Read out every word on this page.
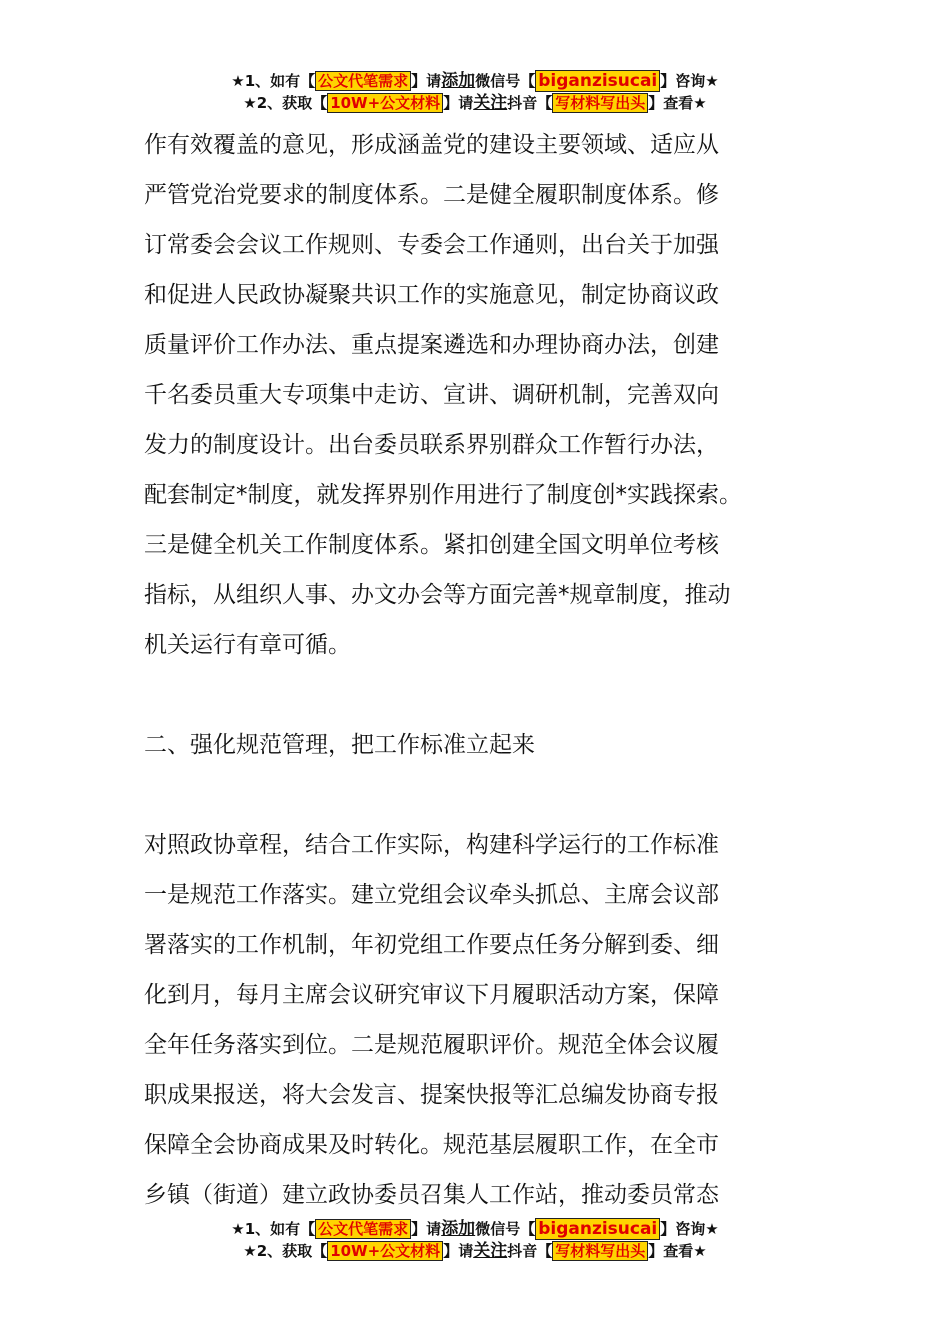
★1、如有【 公文代笔需求 】请添加微信号【 biganzisucai 】咨询★
★2、获取【 10W+公文材料 】请关注抖音【 写材料写出头 】查看★

作有效覆盖的意见，形成涵盖党的建设主要领域、适应从

严管党治党要求的制度体系。二是健全履职制度体系。修

订常委会会议工作规则、专委会工作通则，出台关于加强

和促进人民政协凝聚共识工作的实施意见，制定协商议政

质量评价工作办法、重点提案遴选和办理协商办法，创建

千名委员重大专项集中走访、宣讲、调研机制，完善双向

发力的制度设计。出台委员联系界别群众工作暂行办法，

配套制定*制度，就发挥界别作用进行了制度创*实践探索。

三是健全机关工作制度体系。紧扣创建全国文明单位考核

指标，从组织人事、办文办会等方面完善*规章制度，推动

机关运行有章可循。

二、强化规范管理，把工作标准立起来

对照政协章程，结合工作实际，构建科学运行的工作标准

一是规范工作落实。建立党组会议牵头抓总、主席会议部

署落实的工作机制，年初党组工作要点任务分解到委、细

化到月，每月主席会议研究审议下月履职活动方案，保障

全年任务落实到位。二是规范履职评价。规范全体会议履

职成果报送，将大会发言、提案快报等汇总编发协商专报

保障全会协商成果及时转化。规范基层履职工作，在全市

乡镇（街道）建立政协委员召集人工作站，推动委员常态

★1、如有【 公文代笔需求 】请添加微信号【 biganzisucai 】咨询★
★2、获取【 10W+公文材料 】请关注抖音【 写材料写出头 】查看★
